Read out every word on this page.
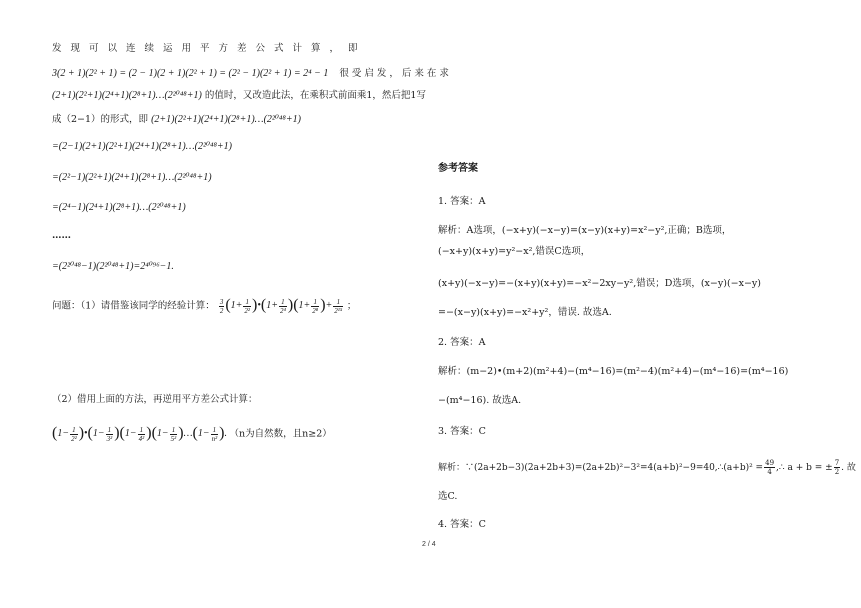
发现可以连续运用平方差公式计算，即
3(2 + 1)(2² + 1) = (2 − 1)(2 + 1)(2² + 1) = (2² − 1)(2² + 1) = 2⁴ − 1 很受启发，后来在求
(2+1)(2²+1)(2⁴+1)(2⁸+1)…(2²⁰⁴⁸+1) 的值时，又改造此法，在乘积式前面乘1，然后把1写
成（2−1）的形式，即 (2+1)(2²+1)(2⁴+1)(2⁸+1)…(2²⁰⁴⁸+1)
=(2−1)(2+1)(2²+1)(2⁴+1)(2⁸+1)…(2²⁰⁴⁸+1)
=(2²−1)(2²+1)(2⁴+1)(2⁸+1)…(2²⁰⁴⁸+1)
=(2⁴−1)(2⁴+1)(2⁸+1)…(2²⁰⁴⁸+1)
……
=(2²⁰⁴⁸−1)(2²⁰⁴⁸+1)=2⁴⁰⁹⁶−1.
问题：（1）请借鉴该同学的经验计算： $\frac{3}{2} (1+ \frac{1}{\text{2²}}$ )•(1+ $\frac{1}{\text{2⁴}} )(1+ \frac{1}{\text{2⁸}}$ )+ $\frac{1}{\text{2¹⁵}}$ ；
（2）借用上面的方法，再逆用平方差公式计算：
($1- \frac{1}{\text{2²}}$ )•(1− $\frac{1}{\text{3²}} )(1- \frac{1}{\text{4²}} )(1- \frac{1}{\text{5²}}$ )…(1− $\frac{1}{\text{n²}}$ ). （n为自然数，且n≥2）
参考答案
1. 答案：A
解析：A选项，(−x+y)(−x−y)=(x−y)(x+y)=x²−y²,正确；B选项，
(−x+y)(x+y)=y²−x²,错误C选项，
(x+y)(−x−y)=−(x+y)(x+y)=−x²−2xy−y²,错误；D选项，(x−y)(−x−y)
=−(x−y)(x+y)=−x²+y²，错误. 故选A.
2. 答案：A
解析：(m−2)•(m+2)(m²+4)−(m⁴−16)=(m²−4)(m²+4)−(m⁴−16)=(m⁴−16)
−(m⁴−16). 故选A.
3. 答案：C
解析：∵(2a+2b−3)(2a+2b+3)=(2a+2b)²−3²=4(a+b)²−9=40,∴(a+b)² = $\frac{49}{4}$ ,∴ a + b = ± $\frac{7}{2}$ . 故
选C.
4. 答案：C
2 / 4
